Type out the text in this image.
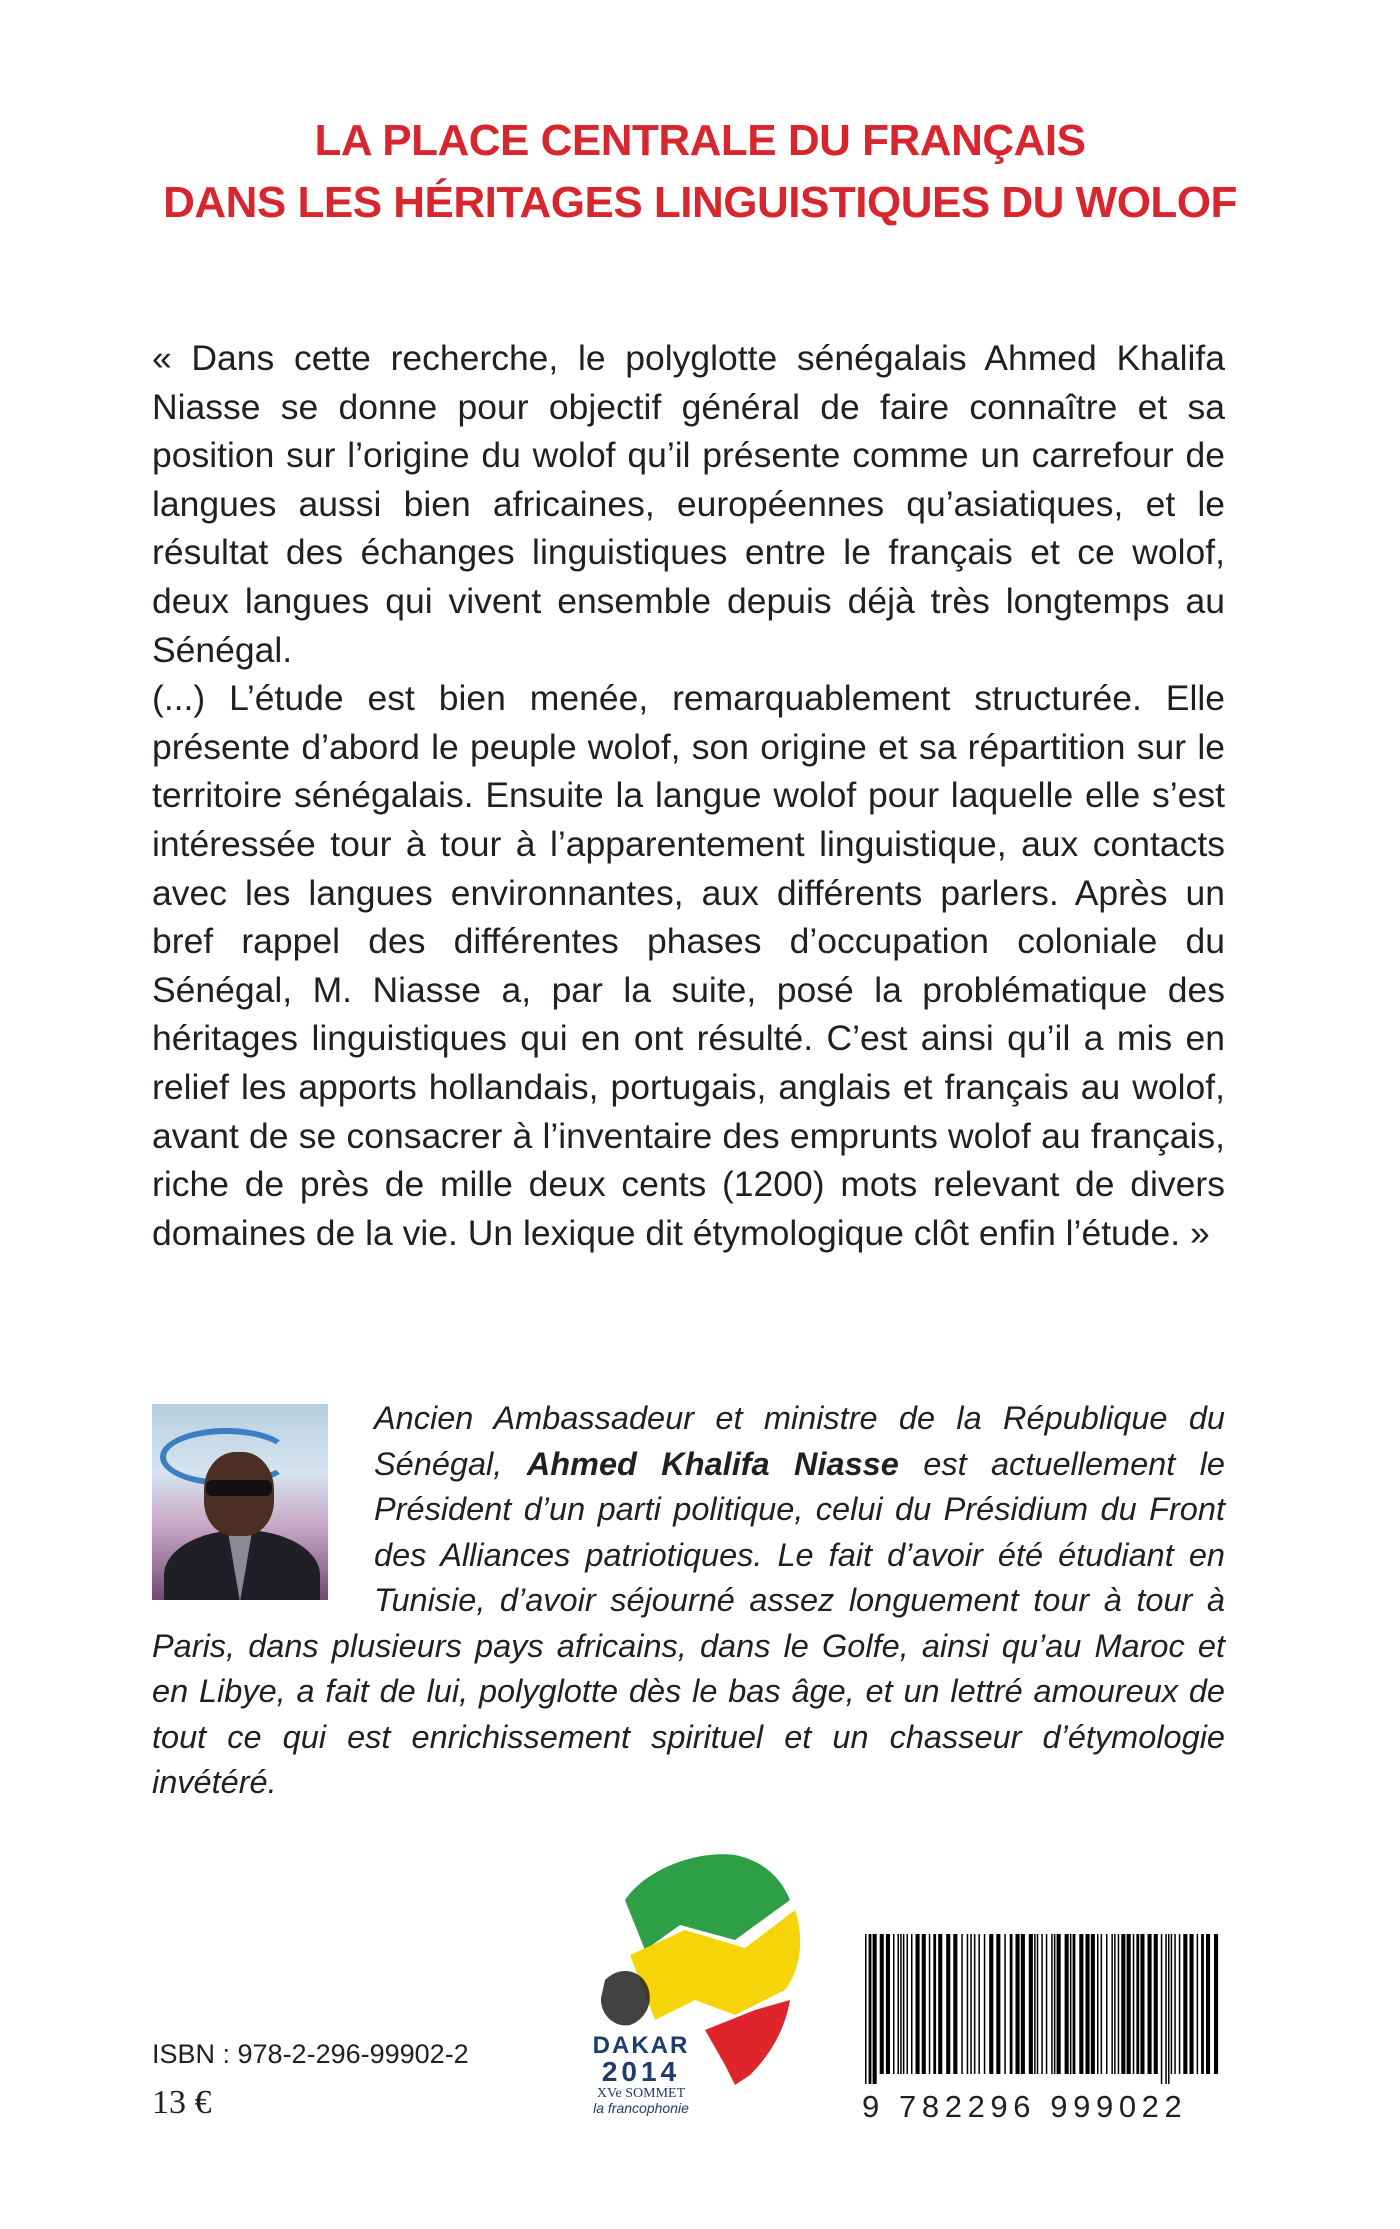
LA PLACE CENTRALE DU FRANÇAIS
DANS LES HÉRITAGES LINGUISTIQUES DU WOLOF

« Dans cette recherche, le polyglotte sénégalais Ahmed Khalifa Niasse se donne pour objectif général de faire connaître et sa position sur l’origine du wolof qu’il présente comme un carrefour de langues aussi bien africaines, européennes qu’asiatiques, et le résultat des échanges linguistiques entre le français et ce wolof, deux langues qui vivent ensemble depuis déjà très longtemps au Sénégal.

(...) L’étude est bien menée, remarquablement structurée. Elle présente d’abord le peuple wolof, son origine et sa répartition sur le territoire sénégalais. Ensuite la langue wolof pour laquelle elle s’est intéressée tour à tour à l’apparentement linguistique, aux contacts avec les langues environnantes, aux différents parlers. Après un bref rappel des différentes phases d’occupation coloniale du Sénégal, M. Niasse a, par la suite, posé la problématique des héritages linguistiques qui en ont résulté. C’est ainsi qu’il a mis en relief les apports hollandais, portugais, anglais et français au wolof, avant de se consacrer à l’inventaire des emprunts wolof au français, riche de près de mille deux cents (1200) mots relevant de divers domaines de la vie. Un lexique dit étymologique clôt enfin l’étude. »

Ancien Ambassadeur et ministre de la République du Sénégal, Ahmed Khalifa Niasse est actuellement le Président d’un parti politique, celui du Présidium du Front des Alliances patriotiques. Le fait d’avoir été étudiant en Tunisie, d’avoir séjourné assez longuement tour à tour à Paris, dans plusieurs pays africains, dans le Golfe, ainsi qu’au Maroc et en Libye, a fait de lui, polyglotte dès le bas âge, et un lettré amoureux de tout ce qui est enrichissement spirituel et un chasseur d’étymologie invétéré.
DAKAR
2014
XVe SOMMET
la francophonie
ISBN : 978-2-296-99902-2
13 €	9 782296 999022
